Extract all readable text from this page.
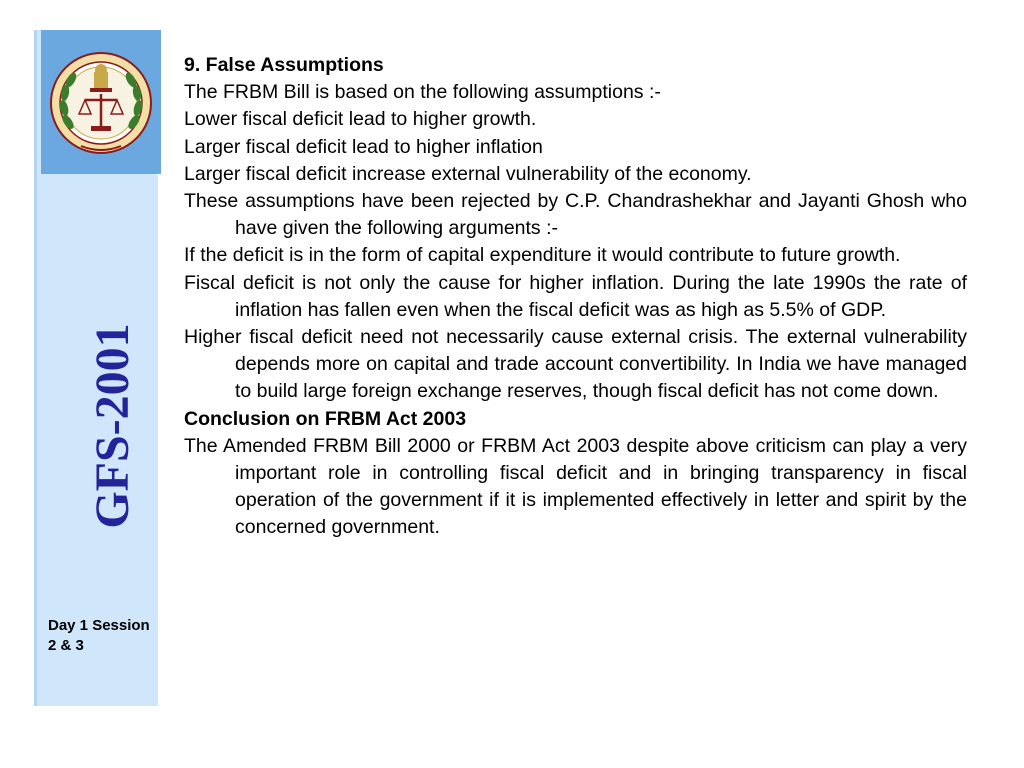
GFS-2001
Day 1 Session 2 & 3

9. False Assumptions

The FRBM Bill is based on the following assumptions :-

Lower fiscal deficit lead to higher growth.

Larger fiscal deficit lead to higher inflation

Larger fiscal deficit increase external vulnerability of the economy.

These assumptions have been rejected by C.P. Chandrashekhar and Jayanti Ghosh who have given the following arguments :-

If the deficit is in the form of capital expenditure it would contribute to future growth.

Fiscal deficit is not only the cause for higher inflation. During the late 1990s the rate of inflation has fallen even when the fiscal deficit was as high as 5.5% of GDP.

Higher fiscal deficit need not necessarily cause external crisis. The external vulnerability depends more on capital and trade account convertibility. In India we have managed to build large foreign exchange reserves, though fiscal deficit has not come down.

Conclusion on FRBM Act 2003

The Amended FRBM Bill 2000 or FRBM Act 2003 despite above criticism can play a very important role in controlling fiscal deficit and in bringing transparency in fiscal operation of the government if it is implemented effectively in letter and spirit by the concerned government.
